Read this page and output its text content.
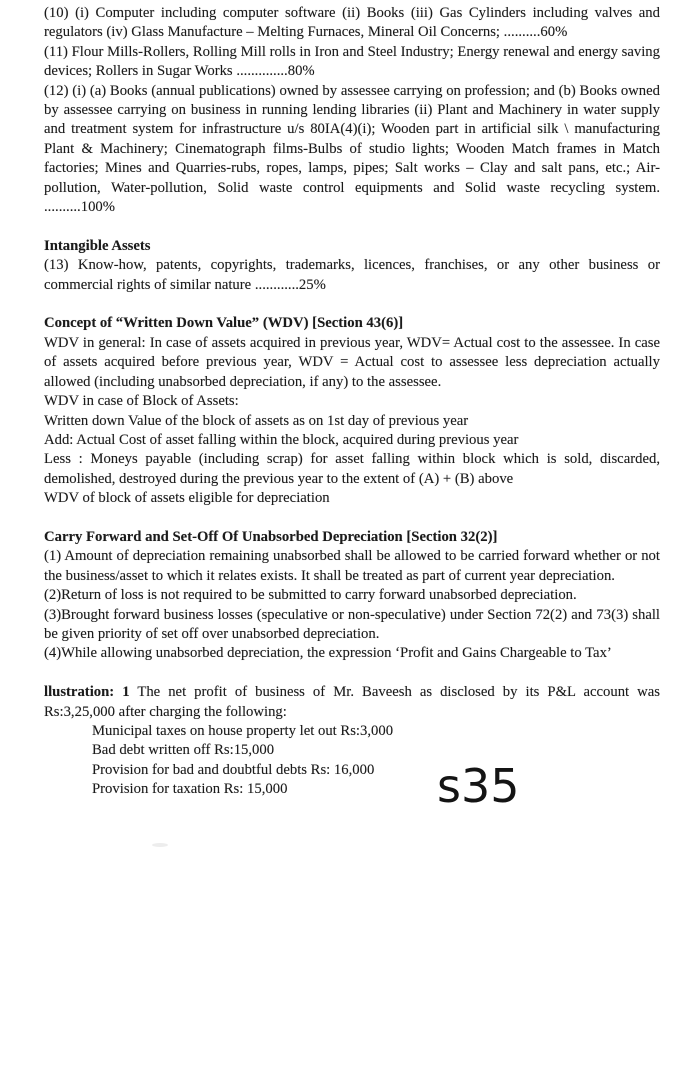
(10) (i) Computer including computer software (ii) Books (iii) Gas Cylinders including valves and regulators (iv) Glass Manufacture – Melting Furnaces, Mineral Oil Concerns; ..........60%

(11) Flour Mills-Rollers, Rolling Mill rolls in Iron and Steel Industry; Energy renewal and energy saving devices; Rollers in Sugar Works ..............80%

(12) (i) (a) Books (annual publications) owned by assessee carrying on profession; and (b) Books owned by assessee carrying on business in running lending libraries (ii) Plant and Machinery in water supply and treatment system for infrastructure u/s 80IA(4)(i); Wooden part in artificial silk \ manufacturing Plant & Machinery; Cinematograph films-Bulbs of studio lights; Wooden Match frames in Match factories; Mines and Quarries-rubs, ropes, lamps, pipes; Salt works – Clay and salt pans, etc.; Air-pollution, Water-pollution, Solid waste control equipments and Solid waste recycling system. ..........100%

Intangible Assets

(13) Know-how, patents, copyrights, trademarks, licences, franchises, or any other business or commercial rights of similar nature ............25%

Concept of “Written Down Value” (WDV) [Section 43(6)]

WDV in general: In case of assets acquired in previous year, WDV= Actual cost to the assessee. In case of assets acquired before previous year, WDV = Actual cost to assessee less depreciation actually allowed (including unabsorbed depreciation, if any) to the assessee.

WDV in case of Block of Assets:

Written down Value of the block of assets as on 1st day of previous year

Add: Actual Cost of asset falling within the block, acquired during previous year

Less : Moneys payable (including scrap) for asset falling within block which is sold, discarded, demolished, destroyed during the previous year to the extent of (A) + (B) above

WDV of block of assets eligible for depreciation

Carry Forward and Set-Off Of Unabsorbed Depreciation [Section 32(2)]

(1) Amount of depreciation remaining unabsorbed shall be allowed to be carried forward whether or not the business/asset to which it relates exists. It shall be treated as part of current year depreciation.

(2)Return of loss is not required to be submitted to carry forward unabsorbed depreciation.

(3)Brought forward business losses (speculative or non-speculative) under Section 72(2) and 73(3) shall be given priority of set off over unabsorbed depreciation.

(4)While allowing unabsorbed depreciation, the expression ‘Profit and Gains Chargeable to Tax’

llustration: 1 The net profit of business of Mr. Baveesh as disclosed by its P&L account was Rs:3,25,000 after charging the following:

Municipal taxes on house property let out Rs:3,000

Bad debt written off Rs:15,000

Provision for bad and doubtful debts Rs: 16,000

Provision for taxation Rs: 15,000	s35
